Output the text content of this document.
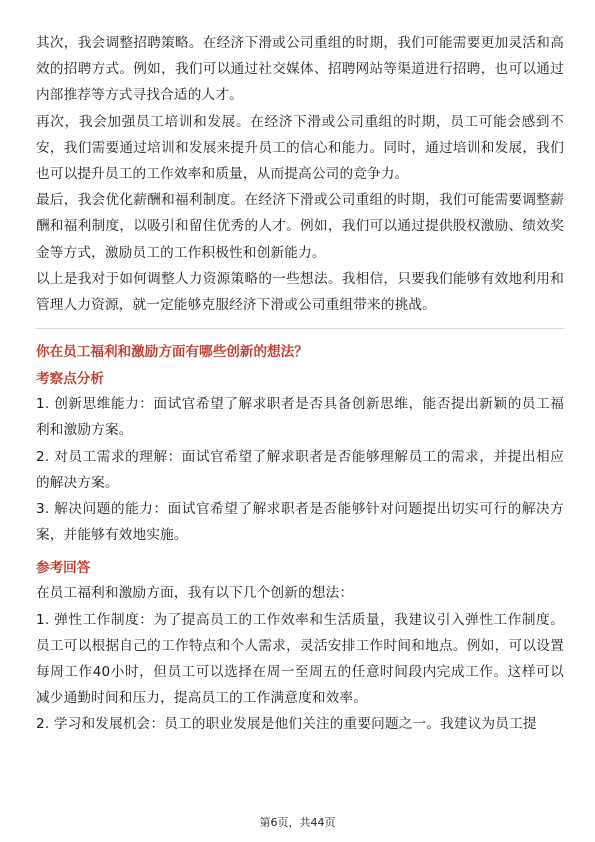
其次，我会调整招聘策略。在经济下滑或公司重组的时期，我们可能需要更加灵活和高效的招聘方式。例如，我们可以通过社交媒体、招聘网站等渠道进行招聘，也可以通过内部推荐等方式寻找合适的人才。

再次，我会加强员工培训和发展。在经济下滑或公司重组的时期，员工可能会感到不安，我们需要通过培训和发展来提升员工的信心和能力。同时，通过培训和发展，我们也可以提升员工的工作效率和质量，从而提高公司的竞争力。

最后，我会优化薪酬和福利制度。在经济下滑或公司重组的时期，我们可能需要调整薪酬和福利制度，以吸引和留住优秀的人才。例如，我们可以通过提供股权激励、绩效奖金等方式，激励员工的工作积极性和创新能力。

以上是我对于如何调整人力资源策略的一些想法。我相信，只要我们能够有效地利用和管理人力资源，就一定能够克服经济下滑或公司重组带来的挑战。

你在员工福利和激励方面有哪些创新的想法？

考察点分析

1. 创新思维能力：面试官希望了解求职者是否具备创新思维，能否提出新颖的员工福利和激励方案。

2. 对员工需求的理解：面试官希望了解求职者是否能够理解员工的需求，并提出相应的解决方案。

3. 解决问题的能力：面试官希望了解求职者是否能够针对问题提出切实可行的解决方案，并能够有效地实施。

参考回答

在员工福利和激励方面，我有以下几个创新的想法：

1. 弹性工作制度：为了提高员工的工作效率和生活质量，我建议引入弹性工作制度。员工可以根据自己的工作特点和个人需求，灵活安排工作时间和地点。例如，可以设置每周工作40小时，但员工可以选择在周一至周五的任意时间段内完成工作。这样可以减少通勤时间和压力，提高员工的工作满意度和效率。

2. 学习和发展机会：员工的职业发展是他们关注的重要问题之一。我建议为员工提

第6页，共44页
